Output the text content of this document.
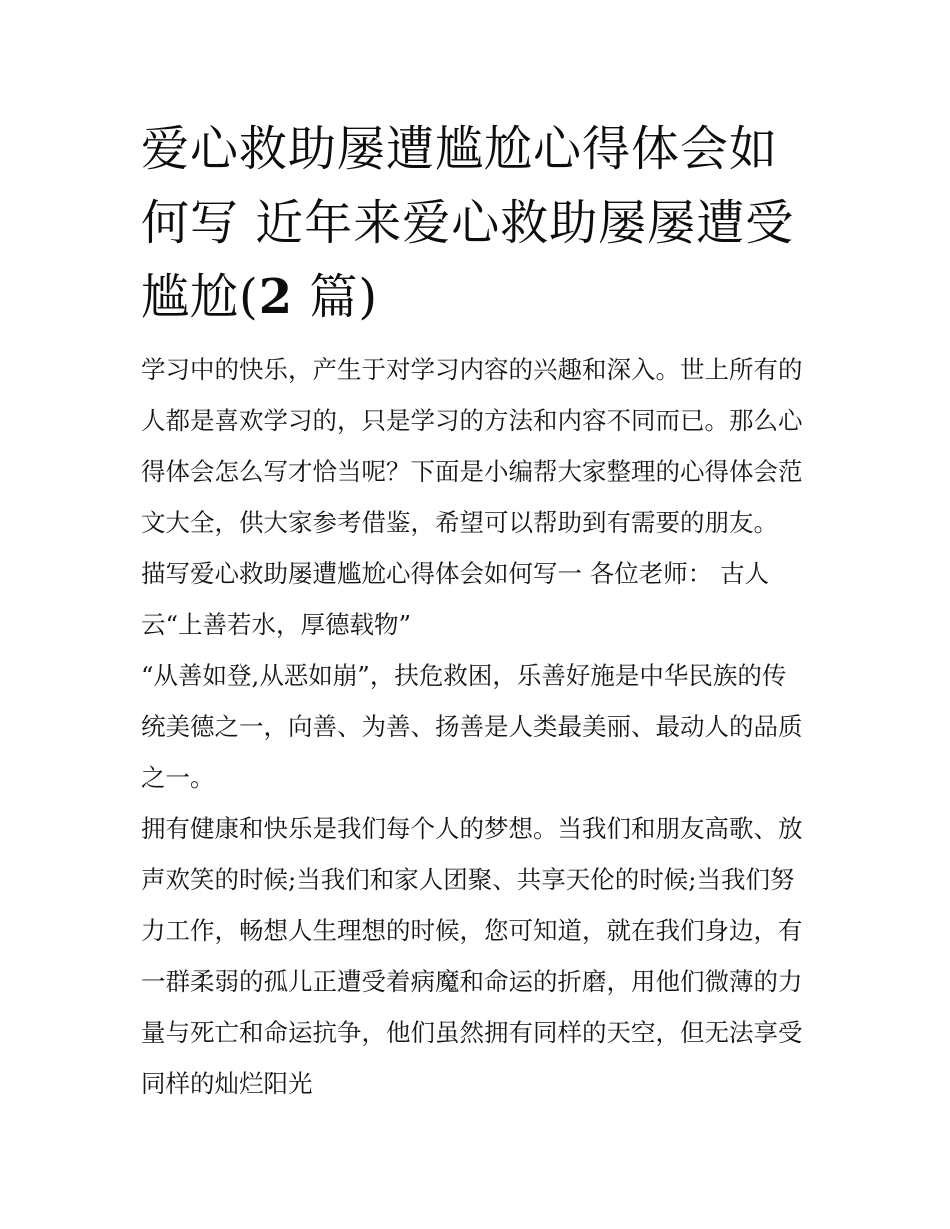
爱心救助屡遭尴尬心得体会如
何写 近年来爱心救助屡屡遭受
尴尬(2 篇)

学习中的快乐，产生于对学习内容的兴趣和深入。世上所有的
人都是喜欢学习的，只是学习的方法和内容不同而已。那么心
得体会怎么写才恰当呢？下面是小编帮大家整理的心得体会范
文大全，供大家参考借鉴，希望可以帮助到有需要的朋友。

描写爱心救助屡遭尴尬心得体会如何写一 各位老师： 古人
云“上善若水，厚德载物”

“从善如登,从恶如崩”，扶危救困，乐善好施是中华民族的传
统美德之一，向善、为善、扬善是人类最美丽、最动人的品质
之一。

拥有健康和快乐是我们每个人的梦想。当我们和朋友高歌、放
声欢笑的时候;当我们和家人团聚、共享天伦的时候;当我们努
力工作，畅想人生理想的时候，您可知道，就在我们身边，有
一群柔弱的孤儿正遭受着病魔和命运的折磨，用他们微薄的力
量与死亡和命运抗争，他们虽然拥有同样的天空，但无法享受
同样的灿烂阳光
